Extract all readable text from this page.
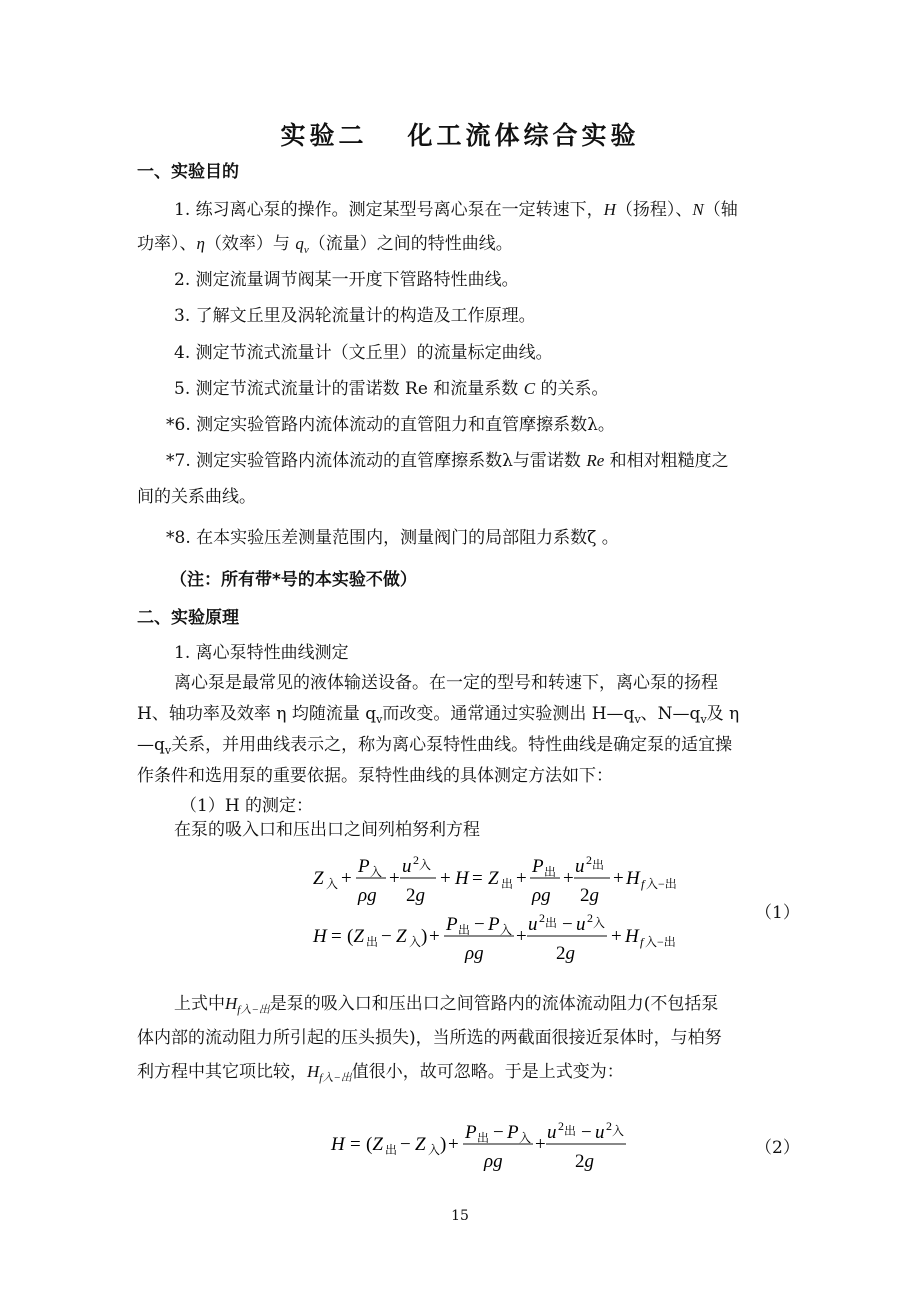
实验二 化工流体综合实验
一、实验目的
1. 练习离心泵的操作。测定某型号离心泵在一定转速下，H（扬程）、N（轴
功率）、η（效率）与 $q_v$（流量）之间的特性曲线。
2. 测定流量调节阀某一开度下管路特性曲线。
3. 了解文丘里及涡轮流量计的构造及工作原理。
4. 测定节流式流量计（文丘里）的流量标定曲线。
5. 测定节流式流量计的雷诺数 Re 和流量系数 C 的关系。
*6. 测定实验管路内流体流动的直管阻力和直管摩擦系数λ。
*7. 测定实验管路内流体流动的直管摩擦系数λ与雷诺数 Re 和相对粗糙度之
间的关系曲线。
*8. 在本实验压差测量范围内，测量阀门的局部阻力系数ζ 。
（注：所有带*号的本实验不做）
二、实验原理
1. 离心泵特性曲线测定
离心泵是最常见的液体输送设备。在一定的型号和转速下，离心泵的扬程
H、轴功率及效率 η 均随流量 $q_v$而改变。通常通过实验测出 $H—q_v$、$N—q_v$及 η
$—q_v$关系，并用曲线表示之，称为离心泵特性曲线。特性曲线是确定泵的适宜操
作条件和选用泵的重要依据。泵特性曲线的具体测定方法如下：
（1）H 的测定：
在泵的吸入口和压出口之间列柏努利方程
Z 入 +
P 入
ρg
+
u 2 入
2g
+ H = Z 出 +
P 出
ρg
+
u 2 出
2g
+ H f 入−出
H = (Z 出 − Z 入 ) +
P 出 − P 入
ρg
+
u 2 出 − u 2 入
2g
+ H f 入−出
（1）
上式中$H_{f入-出}$是泵的吸入口和压出口之间管路内的流体流动阻力(不包括泵
体内部的流动阻力所引起的压头损失)，当所选的两截面很接近泵体时，与柏努
利方程中其它项比较，$H_{f入-出}$值很小，故可忽略。于是上式变为：
H = (Z 出 − Z 入 ) +
P 出 − P 入
ρg
+
u 2 出 − u 2 入
2g
（2）
15
